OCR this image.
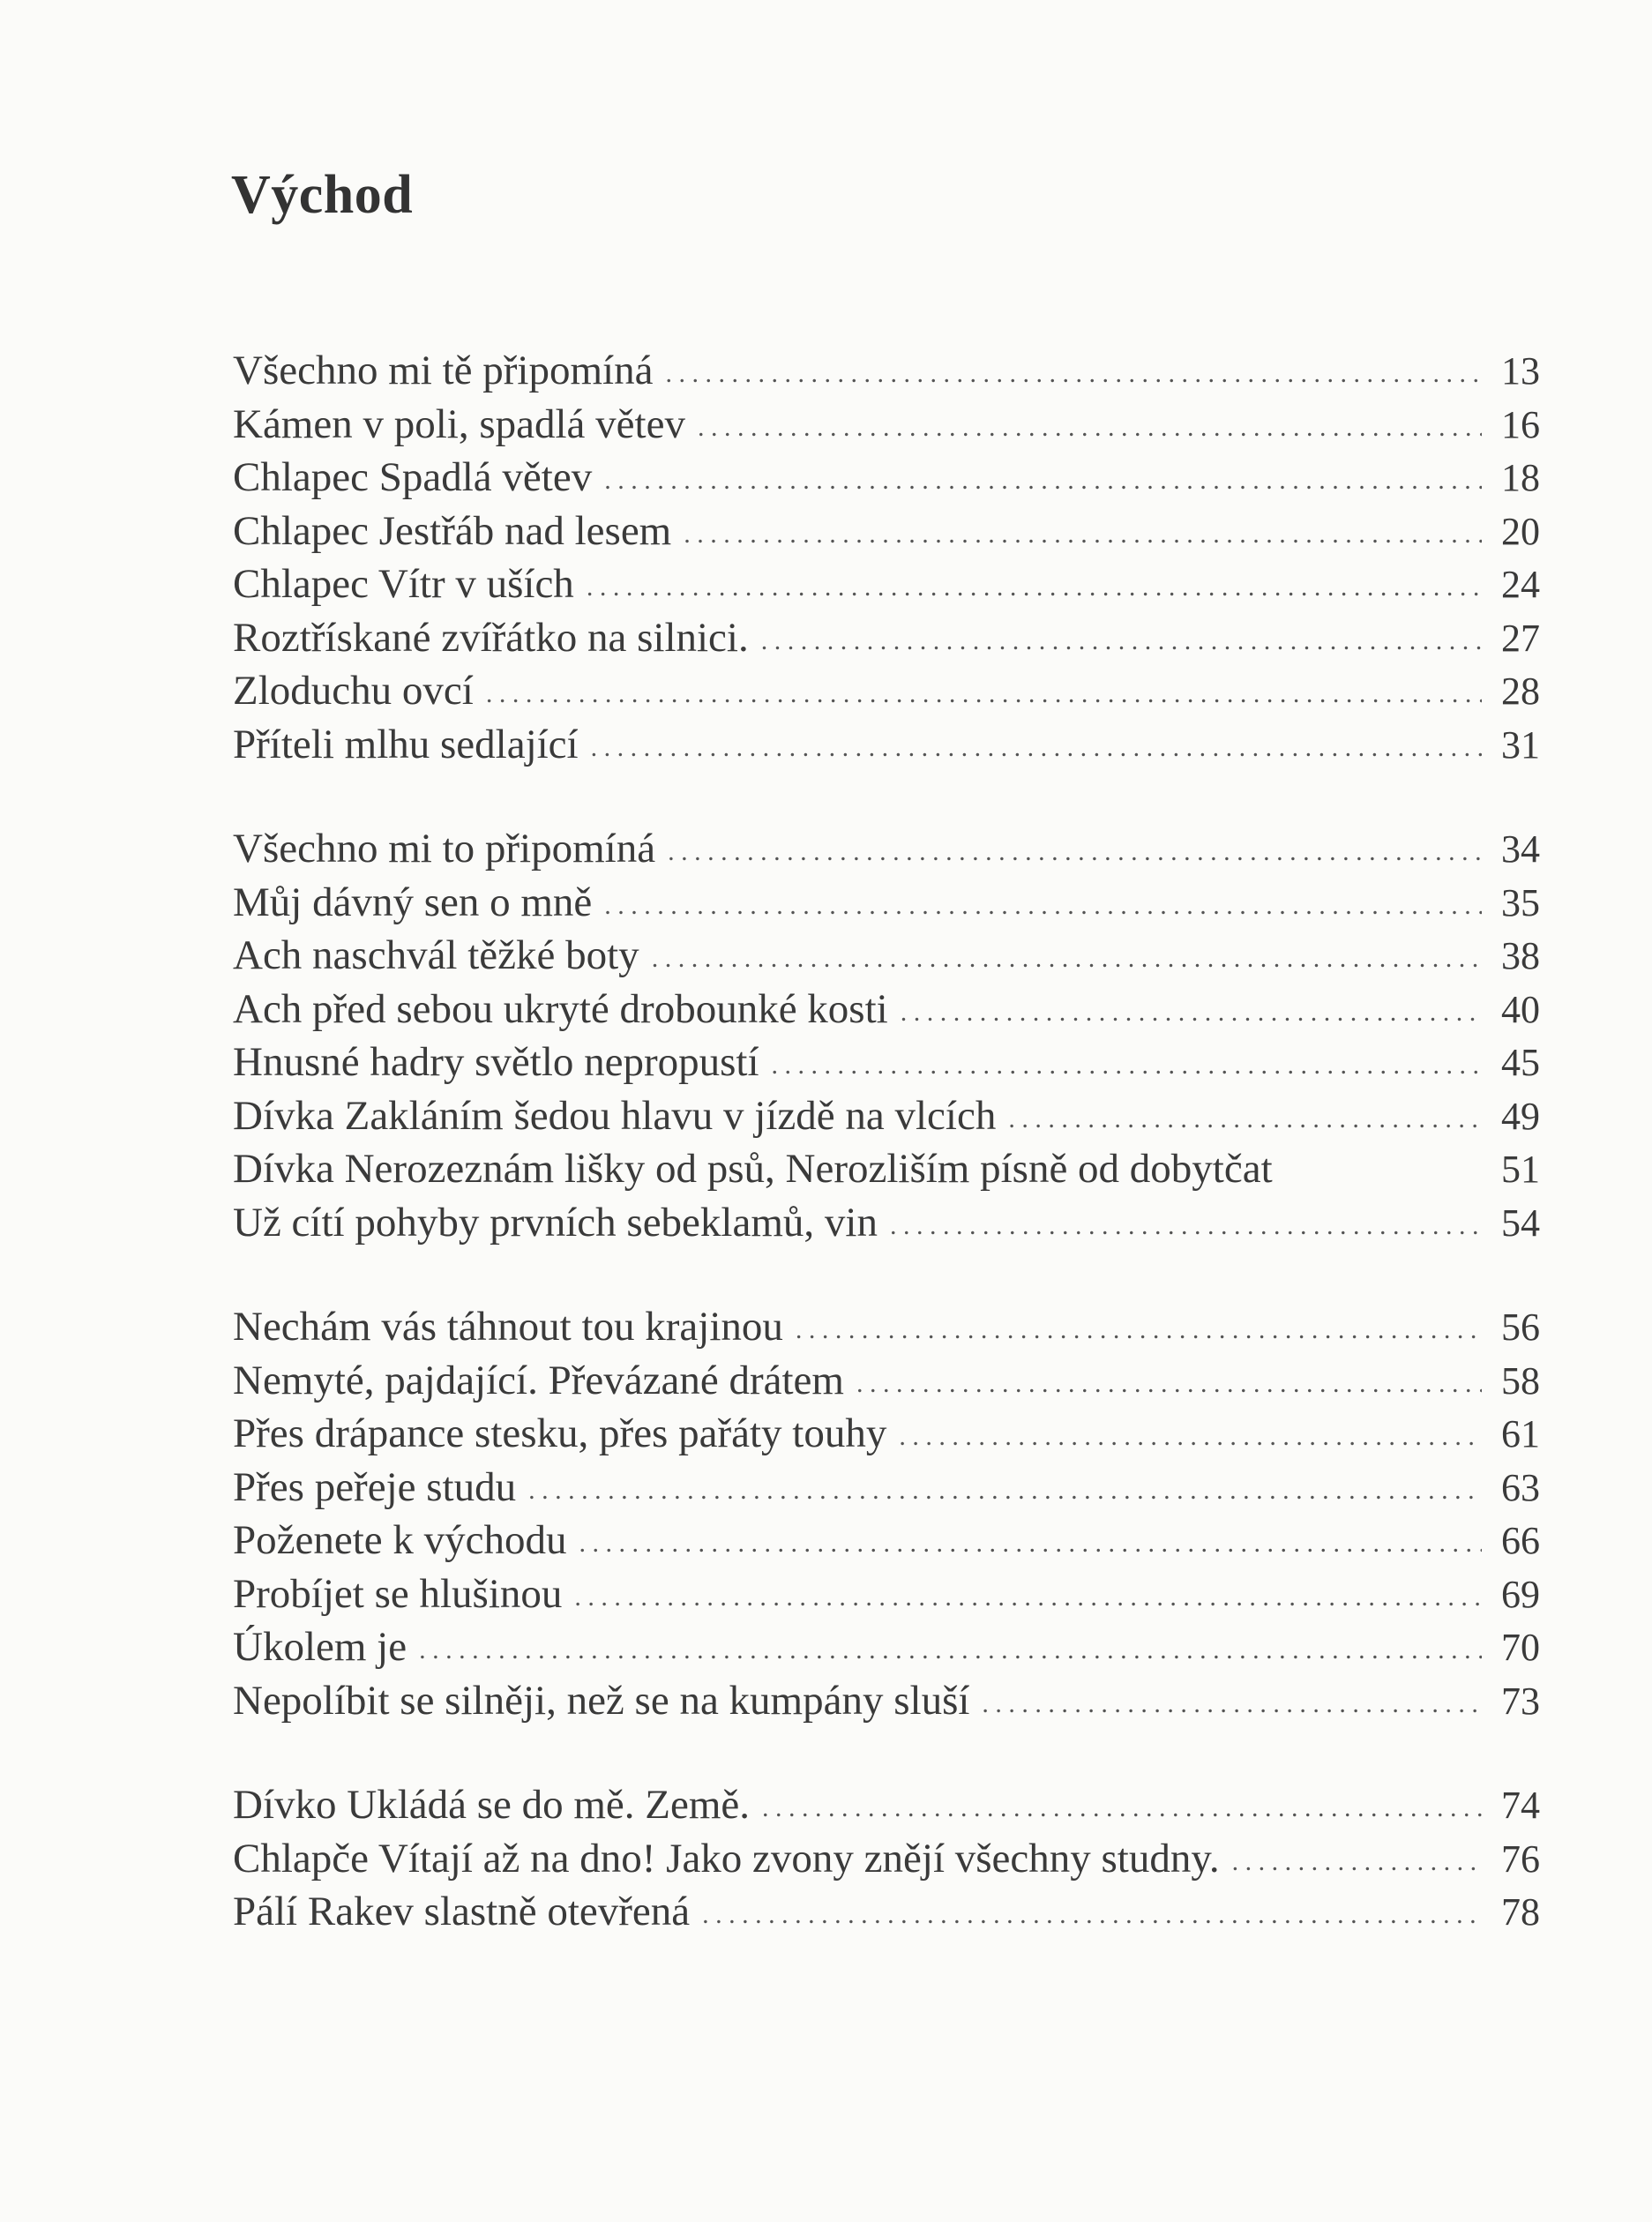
Východ
Všechno mi tě připomíná . . .	13
Kámen v poli, spadlá větev . . .	16
Chlapec Spadlá větev . . .	18
Chlapec Jestřáb nad lesem . . .	20
Chlapec Vítr v uších . . .	24
Roztřískané zvířátko na silnici. . . .	27
Zloduchu ovcí . . .	28
Příteli mlhu sedlající . . .	31
Všechno mi to připomíná . . .	34
Můj dávný sen o mně . . .	35
Ach naschvál těžké boty . . .	38
Ach před sebou ukryté drobounké kosti . . .	40
Hnusné hadry světlo nepropustí . . .	45
Dívka Zakláním šedou hlavu v jízdě na vlcích . . .	49
Dívka Nerozeznám lišky od psů, Nerozliším písně od dobytčat	51
Už cítí pohyby prvních sebeklamů, vin . . .	54
Nechám vás táhnout tou krajinou . . .	56
Nemyté, pajdající. Převázané drátem . . .	58
Přes drápance stesku, přes pařáty touhy . . .	61
Přes peřeje studu . . .	63
Poženete k východu . . .	66
Probíjet se hlušinou . . .	69
Úkolem je . . .	70
Nepolíbit se silněji, než se na kumpány sluší . . .	73
Dívko Ukládá se do mě. Země. . . .	74
Chlapče Vítají až na dno! Jako zvony znějí všechny studny. . . .	76
Pálí Rakev slastně otevřená . . .	78
